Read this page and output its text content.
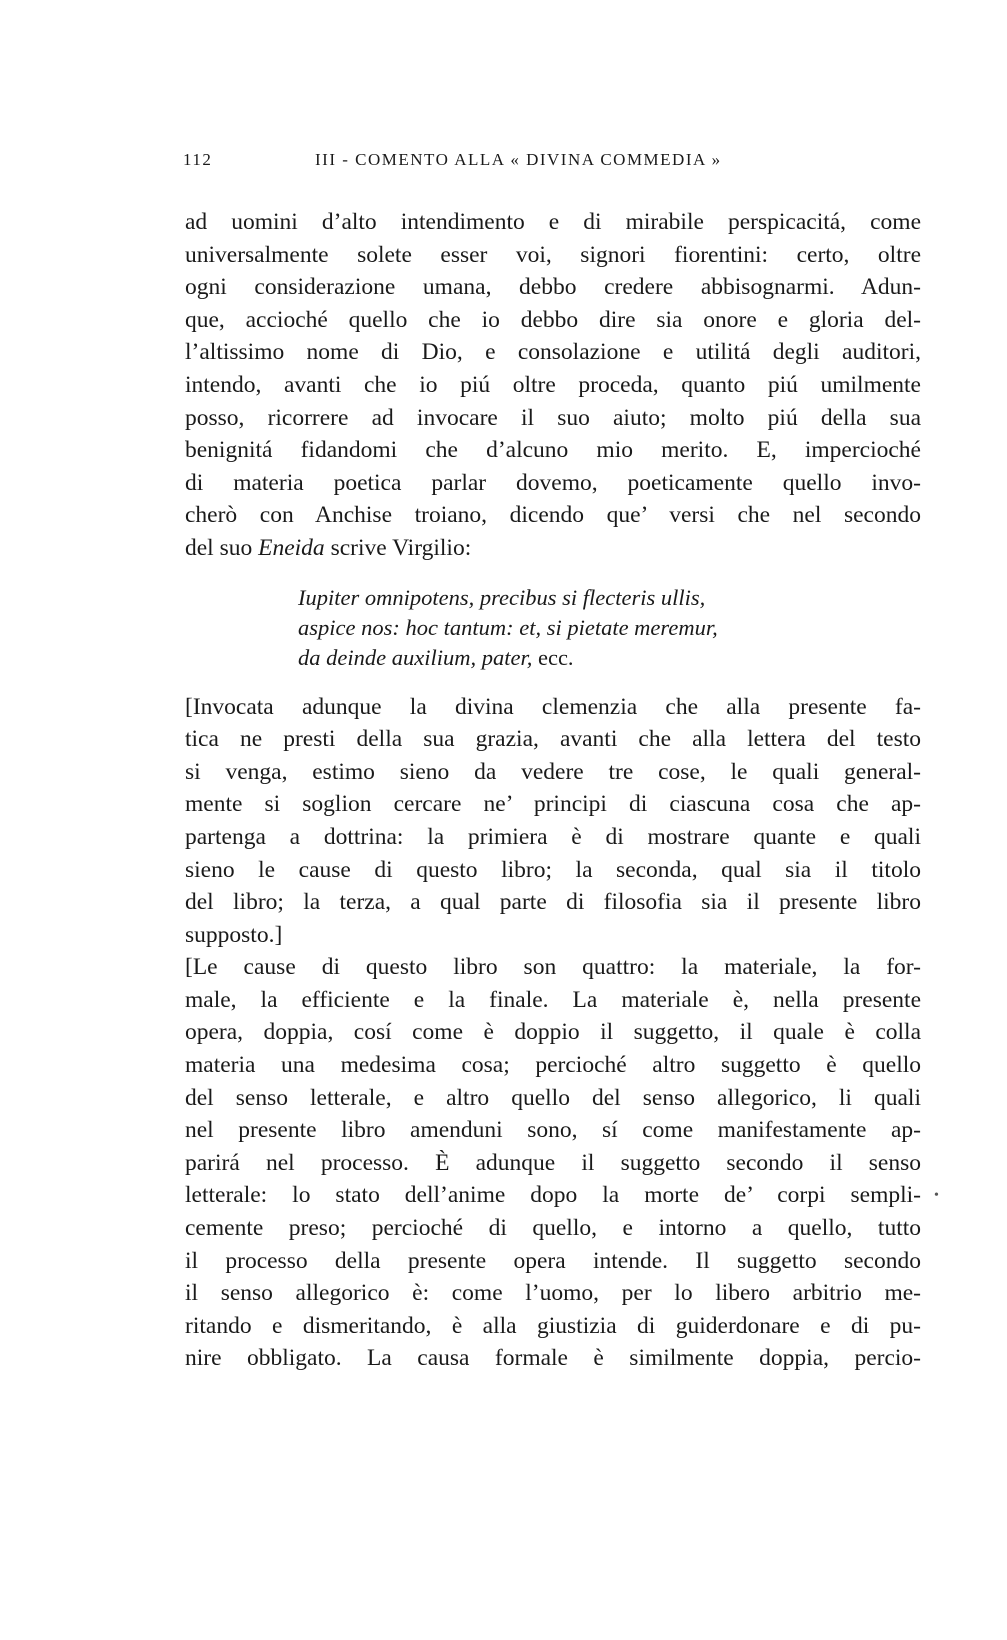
112	III - COMENTO ALLA « DIVINA COMMEDIA »
ad uomini d’alto intendimento e di mirabile perspicacitá, come
universalmente solete esser voi, signori fiorentini: certo, oltre
ogni considerazione umana, debbo credere abbisognarmi. Adun-
que, accioché quello che io debbo dire sia onore e gloria del-
l’altissimo nome di Dio, e consolazione e utilitá degli auditori,
intendo, avanti che io piú oltre proceda, quanto piú umilmente
posso, ricorrere ad invocare il suo aiuto; molto piú della sua
benignitá fidandomi che d’alcuno mio merito. E, impercioché
di materia poetica parlar dovemo, poeticamente quello invo-
cherò con Anchise troiano, dicendo que’ versi che nel secondo
del suo Eneida scrive Virgilio:
Iupiter omnipotens, precibus si flecteris ullis,
aspice nos: hoc tantum: et, si pietate meremur,
da deinde auxilium, pater, ecc.
[Invocata adunque la divina clemenzia che alla presente fa-
tica ne presti della sua grazia, avanti che alla lettera del testo
si venga, estimo sieno da vedere tre cose, le quali general-
mente si soglion cercare ne’ principi di ciascuna cosa che ap-
partenga a dottrina: la primiera è di mostrare quante e quali
sieno le cause di questo libro; la seconda, qual sia il titolo
del libro; la terza, a qual parte di filosofia sia il presente libro
supposto.]
[Le cause di questo libro son quattro: la materiale, la for-
male, la efficiente e la finale. La materiale è, nella presente
opera, doppia, cosí come è doppio il suggetto, il quale è colla
materia una medesima cosa; percioché altro suggetto è quello
del senso letterale, e altro quello del senso allegorico, li quali
nel presente libro amenduni sono, sí come manifestamente ap-
parirá nel processo. È adunque il suggetto secondo il senso
letterale: lo stato dell’anime dopo la morte de’ corpi sempli-
cemente preso; percioché di quello, e intorno a quello, tutto
il processo della presente opera intende. Il suggetto secondo
il senso allegorico è: come l’uomo, per lo libero arbitrio me-
ritando e dismeritando, è alla giustizia di guiderdonare e di pu-
nire obbligato. La causa formale è similmente doppia, percio-
•
